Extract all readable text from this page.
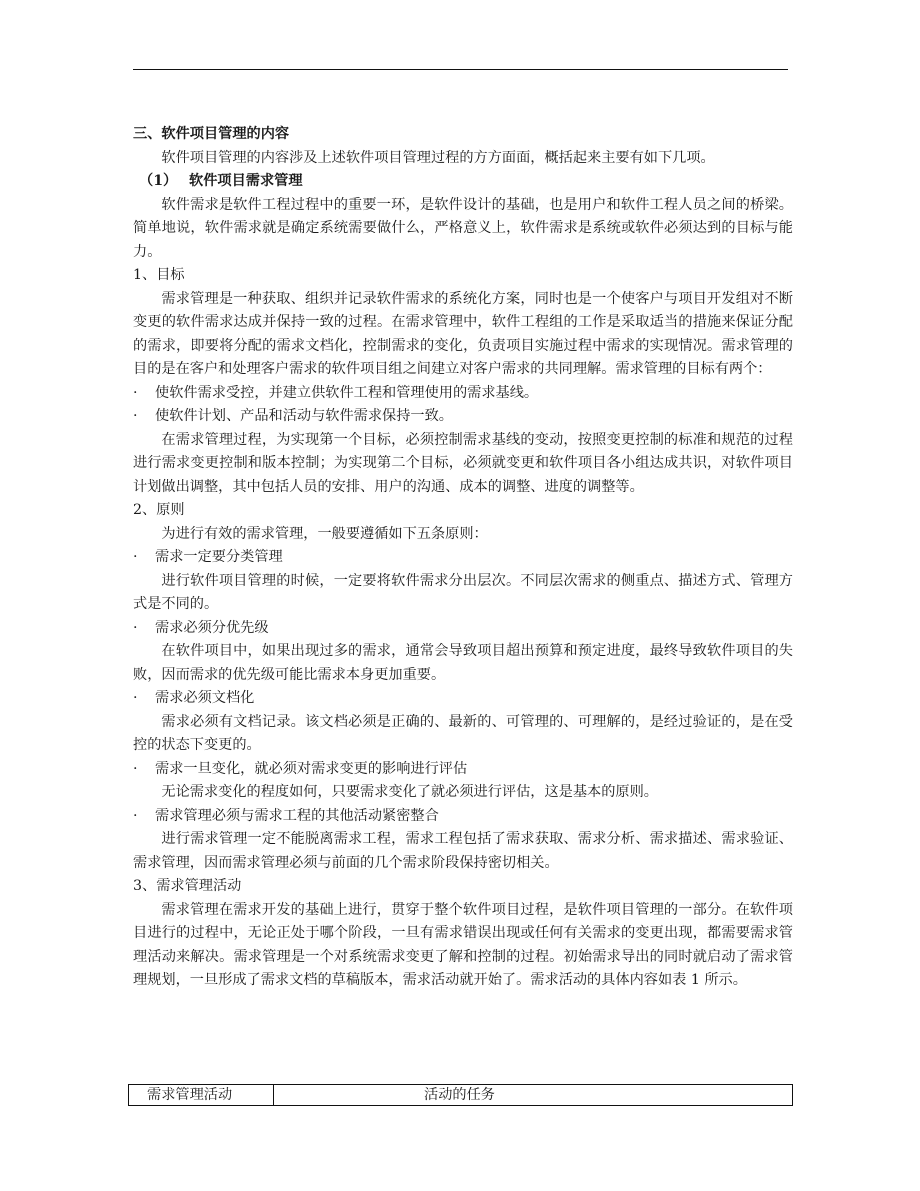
三、软件项目管理的内容

软件项目管理的内容涉及上述软件项目管理过程的方方面面，概括起来主要有如下几项。

（1） 软件项目需求管理

软件需求是软件工程过程中的重要一环，是软件设计的基础，也是用户和软件工程人员之间的桥梁。简单地说，软件需求就是确定系统需要做什么，严格意义上，软件需求是系统或软件必须达到的目标与能力。

1、目标

需求管理是一种获取、组织并记录软件需求的系统化方案，同时也是一个使客户与项目开发组对不断变更的软件需求达成并保持一致的过程。在需求管理中，软件工程组的工作是采取适当的措施来保证分配的需求，即要将分配的需求文档化，控制需求的变化，负责项目实施过程中需求的实现情况。需求管理的目的是在客户和处理客户需求的软件项目组之间建立对客户需求的共同理解。需求管理的目标有两个：

· 使软件需求受控，并建立供软件工程和管理使用的需求基线。

· 使软件计划、产品和活动与软件需求保持一致。

在需求管理过程，为实现第一个目标，必须控制需求基线的变动，按照变更控制的标准和规范的过程进行需求变更控制和版本控制；为实现第二个目标，必须就变更和软件项目各小组达成共识，对软件项目计划做出调整，其中包括人员的安排、用户的沟通、成本的调整、进度的调整等。

2、原则

为进行有效的需求管理，一般要遵循如下五条原则：

· 需求一定要分类管理

进行软件项目管理的时候，一定要将软件需求分出层次。不同层次需求的侧重点、描述方式、管理方式是不同的。

· 需求必须分优先级

在软件项目中，如果出现过多的需求，通常会导致项目超出预算和预定进度，最终导致软件项目的失败，因而需求的优先级可能比需求本身更加重要。

· 需求必须文档化

需求必须有文档记录。该文档必须是正确的、最新的、可管理的、可理解的，是经过验证的，是在受控的状态下变更的。

· 需求一旦变化，就必须对需求变更的影响进行评估

无论需求变化的程度如何，只要需求变化了就必须进行评估，这是基本的原则。

· 需求管理必须与需求工程的其他活动紧密整合

进行需求管理一定不能脱离需求工程，需求工程包括了需求获取、需求分析、需求描述、需求验证、需求管理，因而需求管理必须与前面的几个需求阶段保持密切相关。

3、需求管理活动

需求管理在需求开发的基础上进行，贯穿于整个软件项目过程，是软件项目管理的一部分。在软件项目进行的过程中，无论正处于哪个阶段，一旦有需求错误出现或任何有关需求的变更出现，都需要需求管理活动来解决。需求管理是一个对系统需求变更了解和控制的过程。初始需求导出的同时就启动了需求管理规划，一旦形成了需求文档的草稿版本，需求活动就开始了。需求活动的具体内容如表 1 所示。

需求管理活动	活动的任务
